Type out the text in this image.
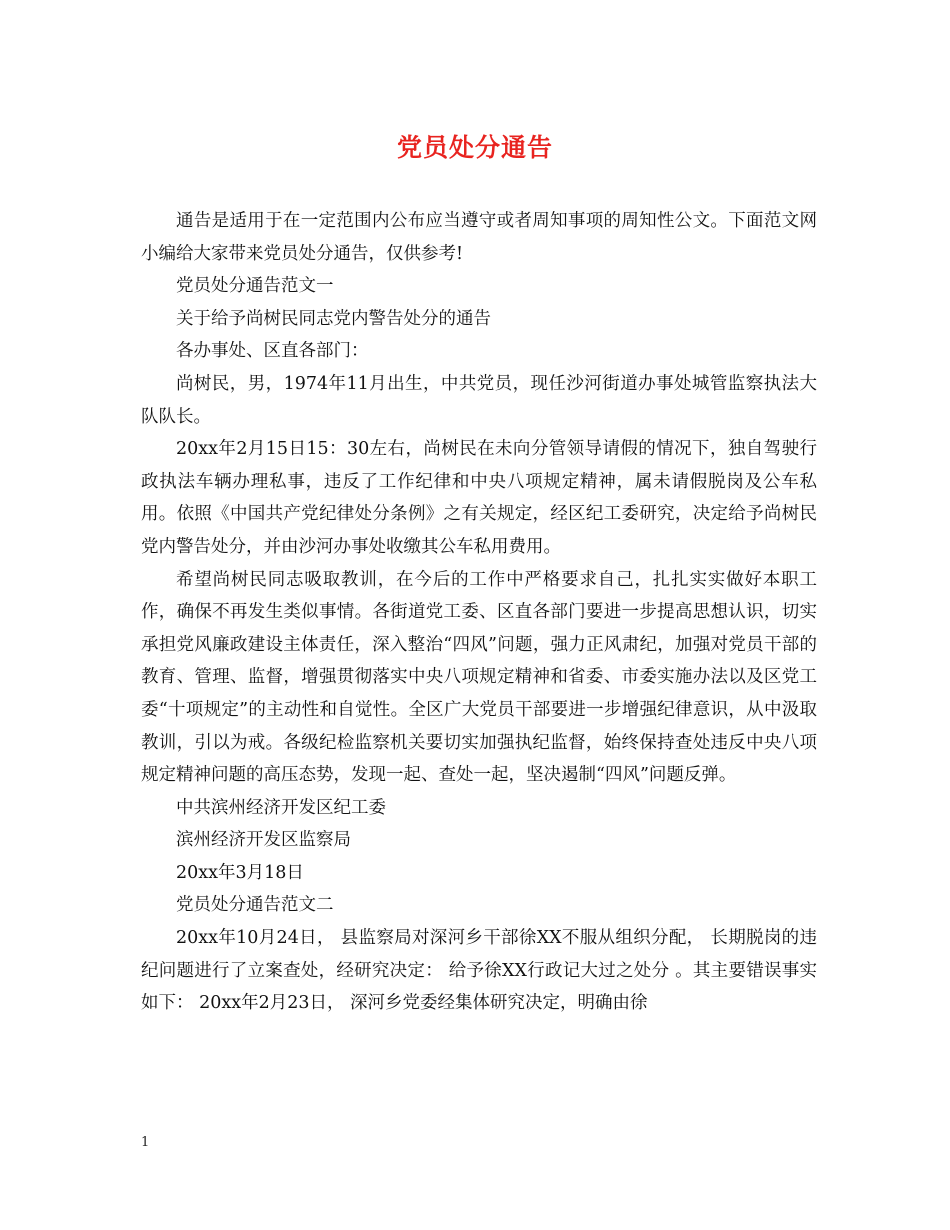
党员处分通告

通告是适用于在一定范围内公布应当遵守或者周知事项的周知性公文。下面范文网小编给大家带来党员处分通告，仅供参考!

党员处分通告范文一

关于给予尚树民同志党内警告处分的通告

各办事处、区直各部门：

尚树民，男，1974年11月出生，中共党员，现任沙河街道办事处城管监察执法大队队长。

20xx年2月15日15：30左右，尚树民在未向分管领导请假的情况下，独自驾驶行政执法车辆办理私事，违反了工作纪律和中央八项规定精神，属未请假脱岗及公车私用。依照《中国共产党纪律处分条例》之有关规定，经区纪工委研究，决定给予尚树民党内警告处分，并由沙河办事处收缴其公车私用费用。

希望尚树民同志吸取教训，在今后的工作中严格要求自己，扎扎实实做好本职工作，确保不再发生类似事情。各街道党工委、区直各部门要进一步提高思想认识，切实承担党风廉政建设主体责任，深入整治“四风”问题，强力正风肃纪，加强对党员干部的教育、管理、监督，增强贯彻落实中央八项规定精神和省委、市委实施办法以及区党工委“十项规定”的主动性和自觉性。全区广大党员干部要进一步增强纪律意识，从中汲取教训，引以为戒。各级纪检监察机关要切实加强执纪监督，始终保持查处违反中央八项规定精神问题的高压态势，发现一起、查处一起，坚决遏制“四风”问题反弹。

中共滨州经济开发区纪工委

滨州经济开发区监察局

20xx年3月18日

党员处分通告范文二

20xx年10月24日， 县监察局对深河乡干部徐XX不服从组织分配， 长期脱岗的违纪问题进行了立案查处，经研究决定： 给予徐XX行政记大过之处分 。其主要错误事实如下： 20xx年2月23日， 深河乡党委经集体研究决定，明确由徐

1
